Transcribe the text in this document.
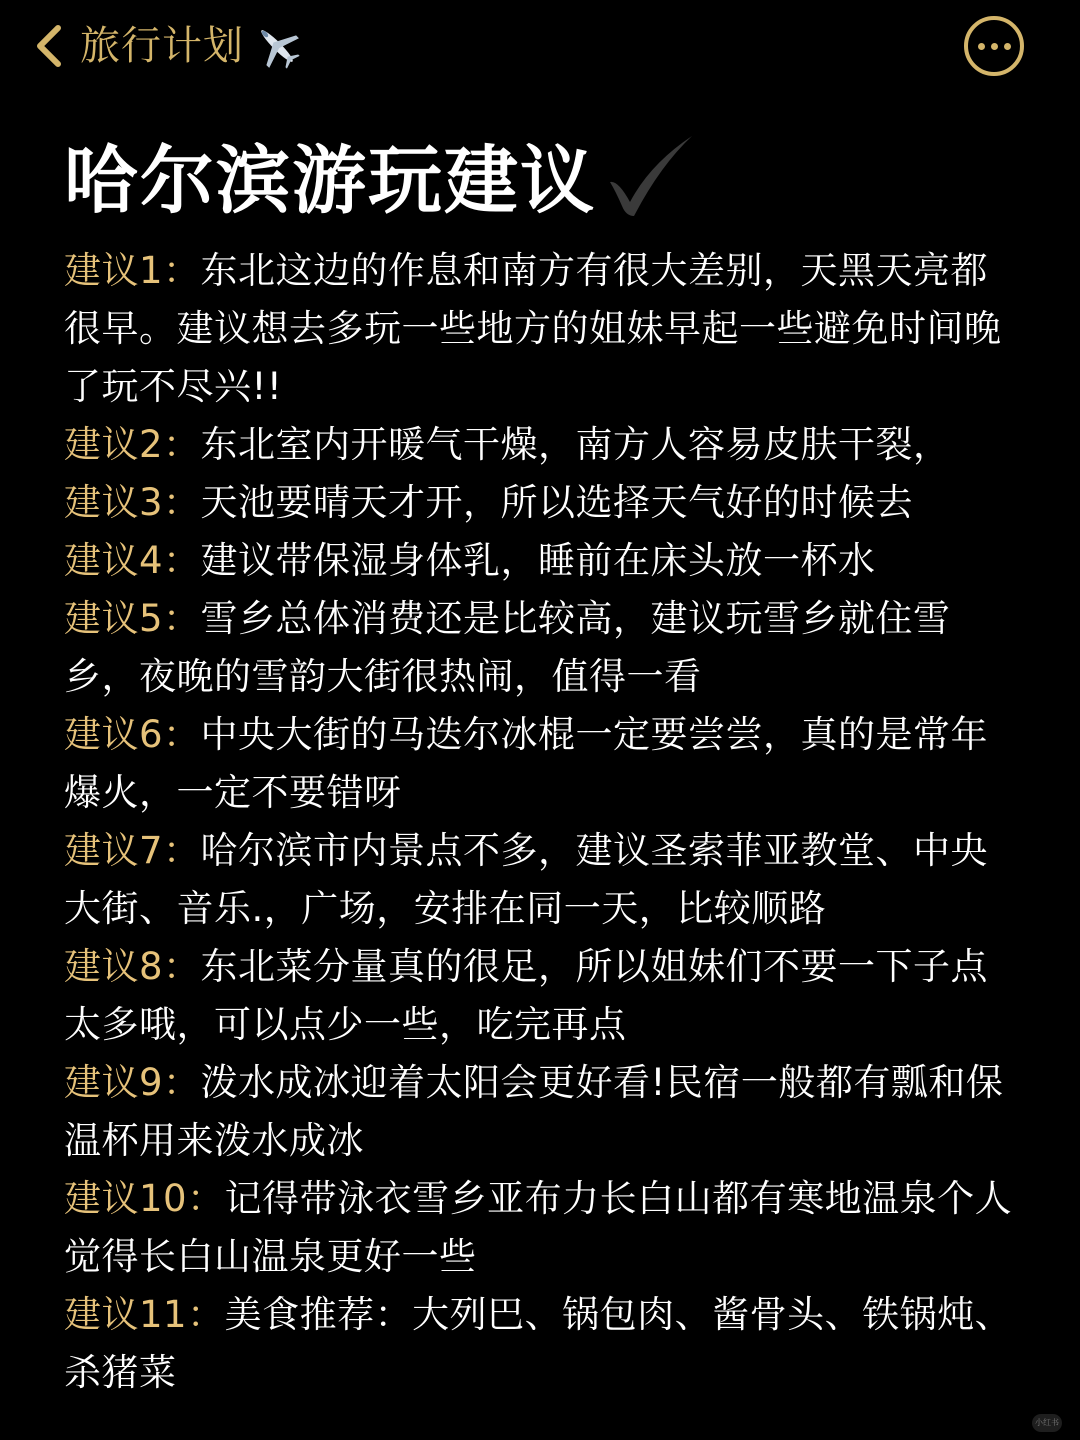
旅行计划
哈尔滨游玩建议

建议1：东北这边的作息和南方有很大差别，天黑天亮都很早。建议想去多玩一些地方的姐妹早起一些避免时间晚了玩不尽兴!!

建议2：东北室内开暖气干燥，南方人容易皮肤干裂，

建议3：天池要晴天才开，所以选择天气好的时候去

建议4：建议带保湿身体乳，睡前在床头放一杯水

建议5：雪乡总体消费还是比较高，建议玩雪乡就住雪乡，夜晚的雪韵大街很热闹，值得一看

建议6：中央大街的马迭尔冰棍一定要尝尝，真的是常年爆火，一定不要错呀

建议7：哈尔滨市内景点不多，建议圣索菲亚教堂、中央大街、音乐.，广场，安排在同一天，比较顺路

建议8：东北菜分量真的很足，所以姐妹们不要一下子点太多哦，可以点少一些，吃完再点

建议9：泼水成冰迎着太阳会更好看!民宿一般都有瓢和保温杯用来泼水成冰

建议10：记得带泳衣雪乡亚布力长白山都有寒地温泉个人觉得长白山温泉更好一些

建议11：美食推荐：大列巴、锅包肉、酱骨头、铁锅炖、杀猪菜

小红书
